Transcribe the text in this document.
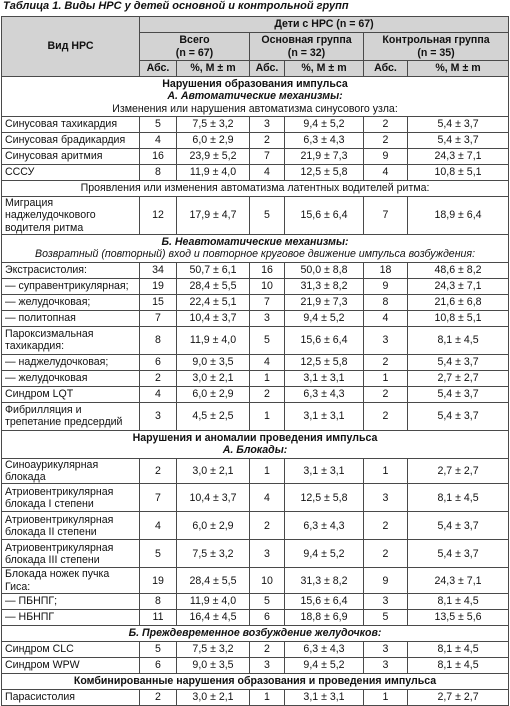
Таблица 1. Виды НРС у детей основной и контрольной групп
Вид НРС	Дети с НРС (n = 67)					

	Всего
(n = 67)		Основная группа
(n = 32)		Контрольная группа
(n = 35)	

	Абс.	%, M ± m	Абс.	%, M ± m	Абс.	%, M ± m

Нарушения образования импульса
А. Автоматические механизмы:
Изменения или нарушения автоматизма синусового узла:						

Синусовая тахикардия	5	7,5 ± 3,2	3	9,4 ± 5,2	2	5,4 ± 3,7
Синусовая брадикардия	4	6,0 ± 2,9	2	6,3 ± 4,3	2	5,4 ± 3,7
Синусовая аритмия	16	23,9 ± 5,2	7	21,9 ± 7,3	9	24,3 ± 7,1
СССУ	8	11,9 ± 4,0	4	12,5 ± 5,8	4	10,8 ± 5,1

Проявления или изменения автоматизма латентных водителей ритма:						

Миграция наджелудочкового водителя ритма	12	17,9 ± 4,7	5	15,6 ± 6,4	7	18,9 ± 6,4

Б. Неавтоматические механизмы:
Возвратный (повторный) вход и повторное круговое движение импульса возбуждения:						

Экстрасистолия:	34	50,7 ± 6,1	16	50,0 ± 8,8	18	48,6 ± 8,2
— суправентрикулярная;	19	28,4 ± 5,5	10	31,3 ± 8,2	9	24,3 ± 7,1
— желудочковая;	15	22,4 ± 5,1	7	21,9 ± 7,3	8	21,6 ± 6,8
— политопная	7	10,4 ± 3,7	3	9,4 ± 5,2	4	10,8 ± 5,1
Пароксизмальная тахикардия:	8	11,9 ± 4,0	5	15,6 ± 6,4	3	8,1 ± 4,5
— наджелудочковая;	6	9,0 ± 3,5	4	12,5 ± 5,8	2	5,4 ± 3,7
— желудочковая	2	3,0 ± 2,1	1	3,1 ± 3,1	1	2,7 ± 2,7
Синдром LQT	4	6,0 ± 2,9	2	6,3 ± 4,3	2	5,4 ± 3,7
Фибрилляция и трепетание предсердий	3	4,5 ± 2,5	1	3,1 ± 3,1	2	5,4 ± 3,7

Нарушения и аномалии проведения импульса
А. Блокады:						

Синоаурикулярная блокада	2	3,0 ± 2,1	1	3,1 ± 3,1	1	2,7 ± 2,7
Атриовентрикулярная блокада I степени	7	10,4 ± 3,7	4	12,5 ± 5,8	3	8,1 ± 4,5
Атриовентрикулярная блокада II степени	4	6,0 ± 2,9	2	6,3 ± 4,3	2	5,4 ± 3,7
Атриовентрикулярная блокада III степени	5	7,5 ± 3,2	3	9,4 ± 5,2	2	5,4 ± 3,7
Блокада ножек пучка Гиса:	19	28,4 ± 5,5	10	31,3 ± 8,2	9	24,3 ± 7,1
— ПБНПГ;	8	11,9 ± 4,0	5	15,6 ± 6,4	3	8,1 ± 4,5
— НБНПГ	11	16,4 ± 4,5	6	18,8 ± 6,9	5	13,5 ± 5,6

Б. Преждевременное возбуждение желудочков:						

Синдром CLC	5	7,5 ± 3,2	2	6,3 ± 4,3	3	8,1 ± 4,5
Синдром WPW	6	9,0 ± 3,5	3	9,4 ± 5,2	3	8,1 ± 4,5

Комбинированные нарушения образования и проведения импульса						

Парасистолия	2	3,0 ± 2,1	1	3,1 ± 3,1	1	2,7 ± 2,7
